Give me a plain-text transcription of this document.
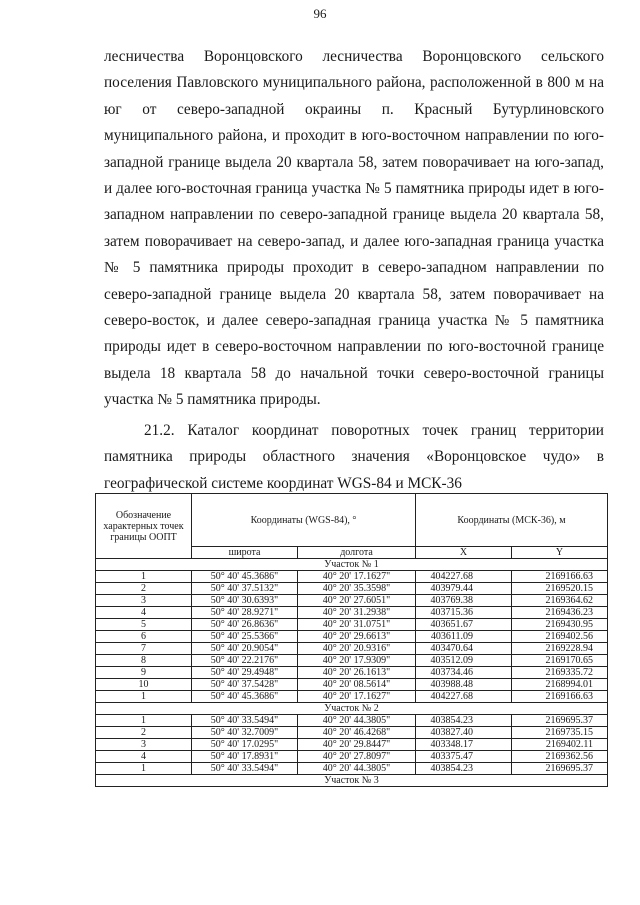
96

лесничества Воронцовского лесничества Воронцовского сельского поселения Павловского муниципального района, расположенной в 800 м на юг от северо-западной окраины п. Красный Бутурлиновского муниципального района, и проходит в юго-восточном направлении по юго-западной границе выдела 20 квартала 58, затем поворачивает на юго-запад, и далее юго-восточная граница участка № 5 памятника природы идет в юго-западном направлении по северо-западной границе выдела 20 квартала 58, затем поворачивает на северо-запад, и далее юго-западная граница участка № 5 памятника природы проходит в северо-западном направлении по северо-западной границе выдела 20 квартала 58, затем поворачивает на северо-восток, и далее северо-западная граница участка № 5 памятника природы идет в северо-восточном направлении по юго-восточной границе выдела 18 квартала 58 до начальной точки северо-восточной границы участка № 5 памятника природы.

21.2. Каталог координат поворотных точек границ территории памятника природы областного значения «Воронцовское чудо» в географической системе координат WGS-84 и МСК-36

Обозначение характерных точек границы ООПТ	Координаты (WGS-84), °		Координаты (МСК-36), м	
	широта	долгота	X	Y
Участок № 1				
1	50° 40' 45.3686"	40° 20' 17.1627"	404227.68	2169166.63
2	50° 40' 37.5132"	40° 20' 35.3598"	403979.44	2169520.15
3	50° 40' 30.6393"	40° 20' 27.6051"	403769.38	2169364.62
4	50° 40' 28.9271"	40° 20' 31.2938"	403715.36	2169436.23
5	50° 40' 26.8636"	40° 20' 31.0751"	403651.67	2169430.95
6	50° 40' 25.5366"	40° 20' 29.6613"	403611.09	2169402.56
7	50° 40' 20.9054"	40° 20' 20.9316"	403470.64	2169228.94
8	50° 40' 22.2176"	40° 20' 17.9309"	403512.09	2169170.65
9	50° 40' 29.4948"	40° 20' 26.1613"	403734.46	2169335.72
10	50° 40' 37.5428"	40° 20' 08.5614"	403988.48	2168994.01
1	50° 40' 45.3686"	40° 20' 17.1627"	404227.68	2169166.63
Участок № 2				
1	50° 40' 33.5494"	40° 20' 44.3805"	403854.23	2169695.37
2	50° 40' 32.7009"	40° 20' 46.4268"	403827.40	2169735.15
3	50° 40' 17.0295"	40° 20' 29.8447"	403348.17	2169402.11
4	50° 40' 17.8931"	40° 20' 27.8097"	403375.47	2169362.56
1	50° 40' 33.5494"	40° 20' 44.3805"	403854.23	2169695.37
Участок № 3				
